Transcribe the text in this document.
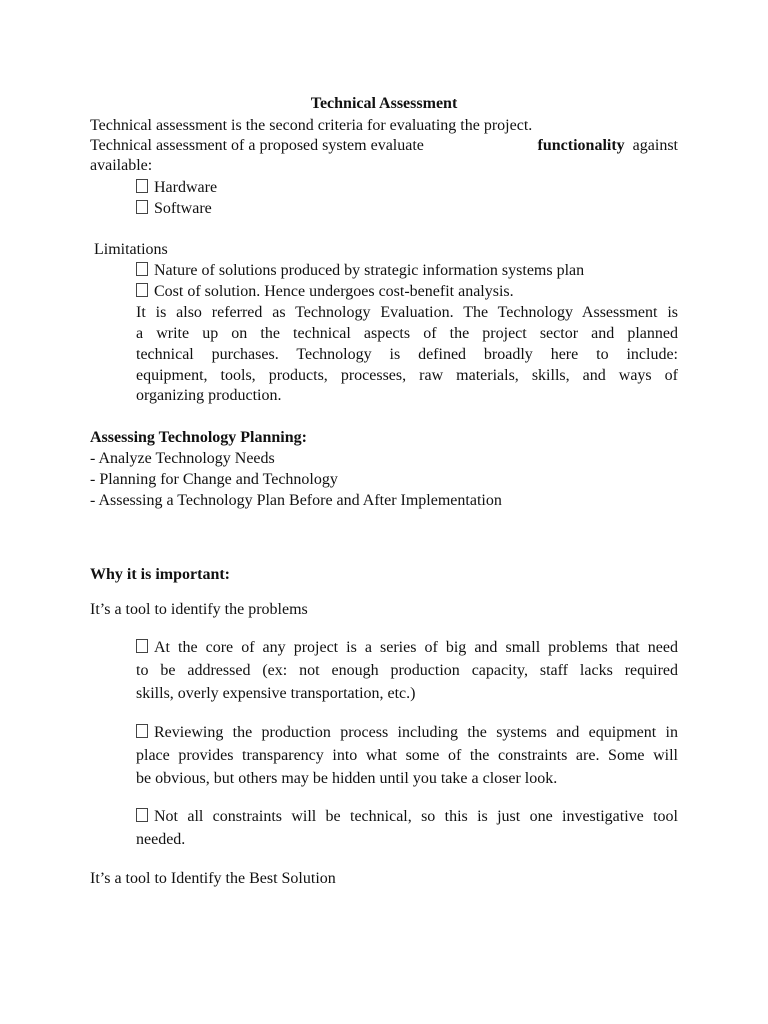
Technical Assessment
Technical assessment is the second criteria for evaluating the project.
Technical assessment of a proposed system evaluate	functionality against
available:
Hardware
Software
Limitations
Nature of solutions produced by strategic information systems plan
Cost of solution. Hence undergoes cost-benefit analysis.
It is also referred as Technology Evaluation. The Technology Assessment is
a write up on the technical aspects of the project sector and planned
technical purchases. Technology is defined broadly here to include:
equipment, tools, products, processes, raw materials, skills, and ways of
organizing production.
Assessing Technology Planning:
- Analyze Technology Needs
- Planning for Change and Technology
- Assessing a Technology Plan Before and After Implementation
Why it is important:
It’s a tool to identify the problems
At the core of any project is a series of big and small problems that need
to be addressed (ex: not enough production capacity, staff lacks required
skills, overly expensive transportation, etc.)
Reviewing the production process including the systems and equipment in
place provides transparency into what some of the constraints are. Some will
be obvious, but others may be hidden until you take a closer look.
Not all constraints will be technical, so this is just one investigative tool
needed.
It’s a tool to Identify the Best Solution
